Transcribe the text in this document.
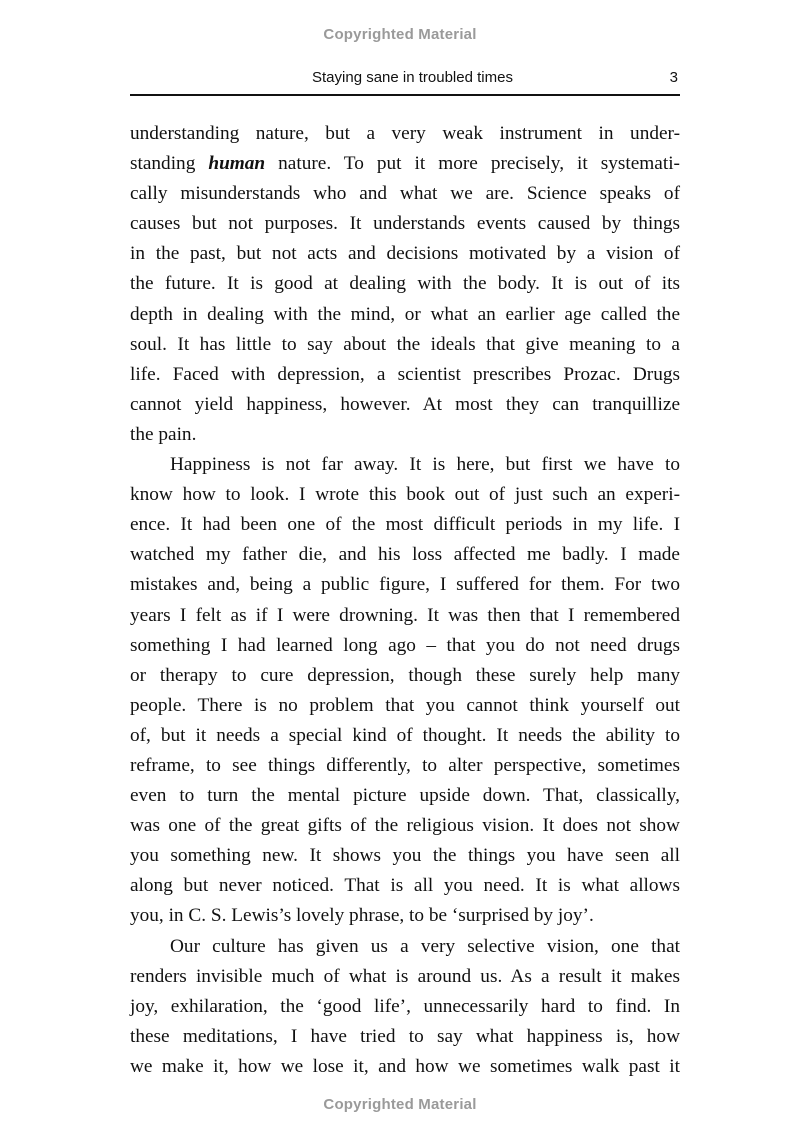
Copyrighted Material
Staying sane in troubled times	3
understanding nature, but a very weak instrument in under-
standing human nature. To put it more precisely, it systemati-
cally misunderstands who and what we are. Science speaks of
causes but not purposes. It understands events caused by things
in the past, but not acts and decisions motivated by a vision of
the future. It is good at dealing with the body. It is out of its
depth in dealing with the mind, or what an earlier age called the
soul. It has little to say about the ideals that give meaning to a
life. Faced with depression, a scientist prescribes Prozac. Drugs
cannot yield happiness, however. At most they can tranquillize
the pain.
Happiness is not far away. It is here, but first we have to
know how to look. I wrote this book out of just such an experi-
ence. It had been one of the most difficult periods in my life. I
watched my father die, and his loss affected me badly. I made
mistakes and, being a public figure, I suffered for them. For two
years I felt as if I were drowning. It was then that I remembered
something I had learned long ago – that you do not need drugs
or therapy to cure depression, though these surely help many
people. There is no problem that you cannot think yourself out
of, but it needs a special kind of thought. It needs the ability to
reframe, to see things differently, to alter perspective, sometimes
even to turn the mental picture upside down. That, classically,
was one of the great gifts of the religious vision. It does not show
you something new. It shows you the things you have seen all
along but never noticed. That is all you need. It is what allows
you, in C. S. Lewis’s lovely phrase, to be ‘surprised by joy’.
Our culture has given us a very selective vision, one that
renders invisible much of what is around us. As a result it makes
joy, exhilaration, the ‘good life’, unnecessarily hard to find. In
these meditations, I have tried to say what happiness is, how
we make it, how we lose it, and how we sometimes walk past it
Copyrighted Material
